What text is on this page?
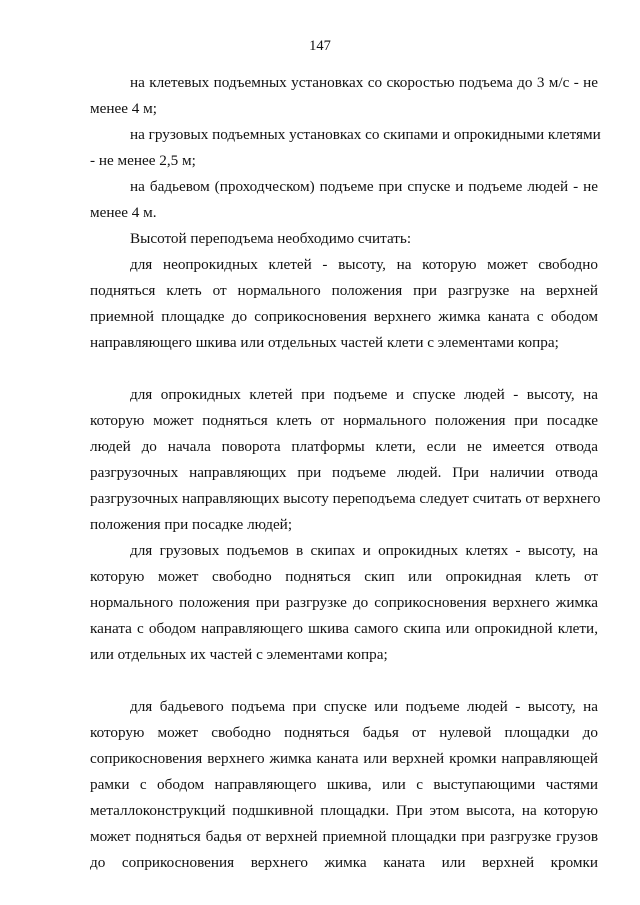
147
на клетевых подъемных установках со скоростью подъема до 3 м/с - не
менее 4 м;
на грузовых подъемных установках со скипами и опрокидными клетями
- не менее 2,5 м;
на бадьевом (проходческом) подъеме при спуске и подъеме людей - не
менее 4 м.
Высотой переподъема необходимо считать:
для неопрокидных клетей - высоту, на которую может свободно
подняться клеть от нормального положения при разгрузке на верхней
приемной площадке до соприкосновения верхнего жимка каната с ободом
направляющего шкива или отдельных частей клети с элементами копра;
для опрокидных клетей при подъеме и спуске людей - высоту, на
которую может подняться клеть от нормального положения при посадке
людей до начала поворота платформы клети, если не имеется отвода
разгрузочных направляющих при подъеме людей. При наличии отвода
разгрузочных направляющих высоту переподъема следует считать от верхнего
положения при посадке людей;
для грузовых подъемов в скипах и опрокидных клетях - высоту, на
которую может свободно подняться скип или опрокидная клеть от
нормального положения при разгрузке до соприкосновения верхнего жимка
каната с ободом направляющего шкива самого скипа или опрокидной клети,
или отдельных их частей с элементами копра;
для бадьевого подъема при спуске или подъеме людей - высоту, на
которую может свободно подняться бадья от нулевой площадки до
соприкосновения верхнего жимка каната или верхней кромки направляющей
рамки с ободом направляющего шкива, или с выступающими частями
металлоконструкций подшкивной площадки. При этом высота, на которую
может подняться бадья от верхней приемной площадки при разгрузке грузов
до соприкосновения верхнего жимка каната или верхней кромки
